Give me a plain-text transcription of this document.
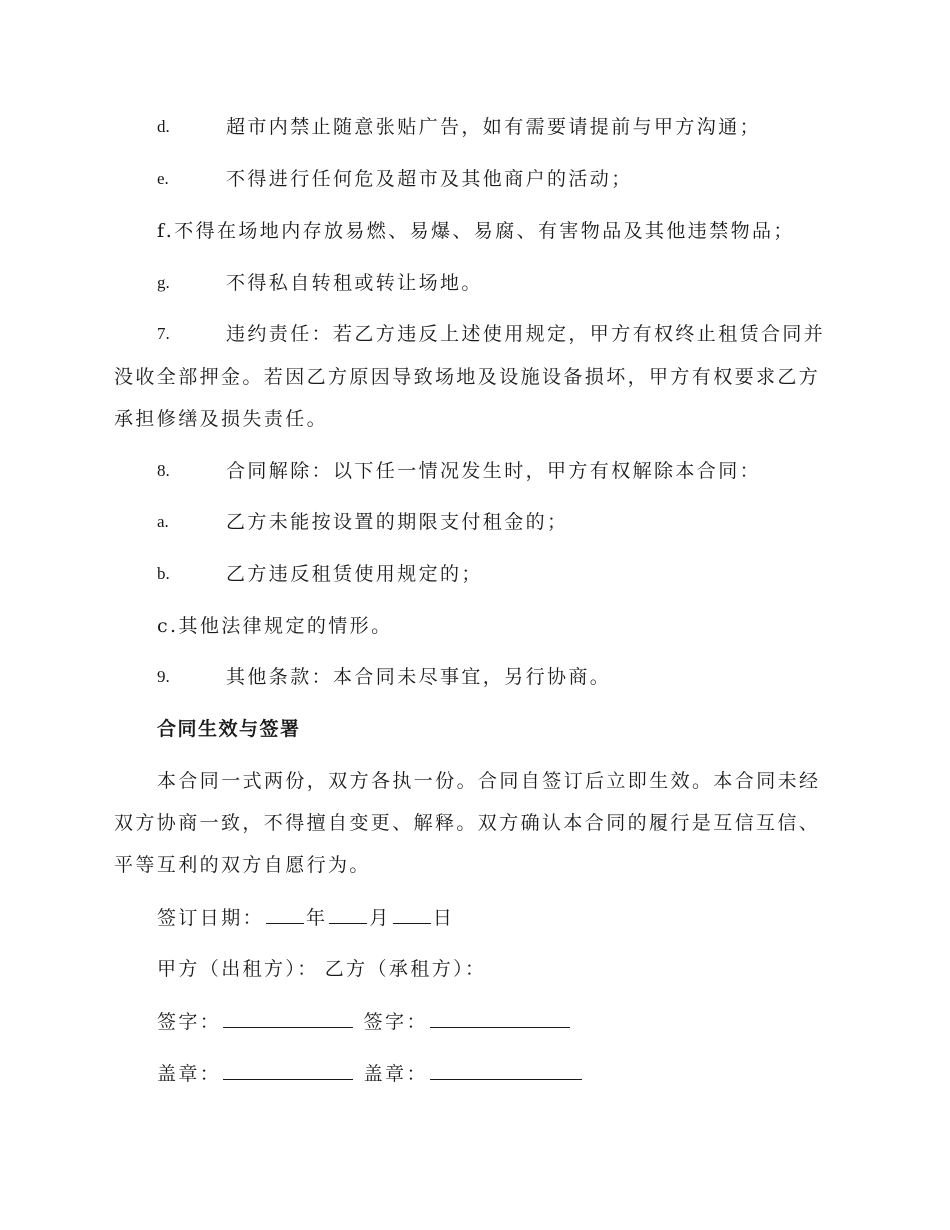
d.	超市内禁止随意张贴广告，如有需要请提前与甲方沟通；
e.	不得进行任何危及超市及其他商户的活动；
f.不得在场地内存放易燃、易爆、易腐、有害物品及其他违禁物品；
g.	不得私自转租或转让场地。
7.	违约责任：若乙方违反上述使用规定，甲方有权终止租赁合同并
没收全部押金。若因乙方原因导致场地及设施设备损坏，甲方有权要求乙方
承担修缮及损失责任。
8.	合同解除：以下任一情况发生时，甲方有权解除本合同：
a.	乙方未能按设置的期限支付租金的；
b.	乙方违反租赁使用规定的；
c.其他法律规定的情形。
9.	其他条款：本合同未尽事宜，另行协商。
合同生效与签署
本合同一式两份，双方各执一份。合同自签订后立即生效。本合同未经
双方协商一致，不得擅自变更、解释。双方确认本合同的履行是互信互信、
平等互利的双方自愿行为。
签订日期： 年 月 日
甲方（出租方）： 乙方（承租方）：
签字：	签字：
盖章：	盖章：
